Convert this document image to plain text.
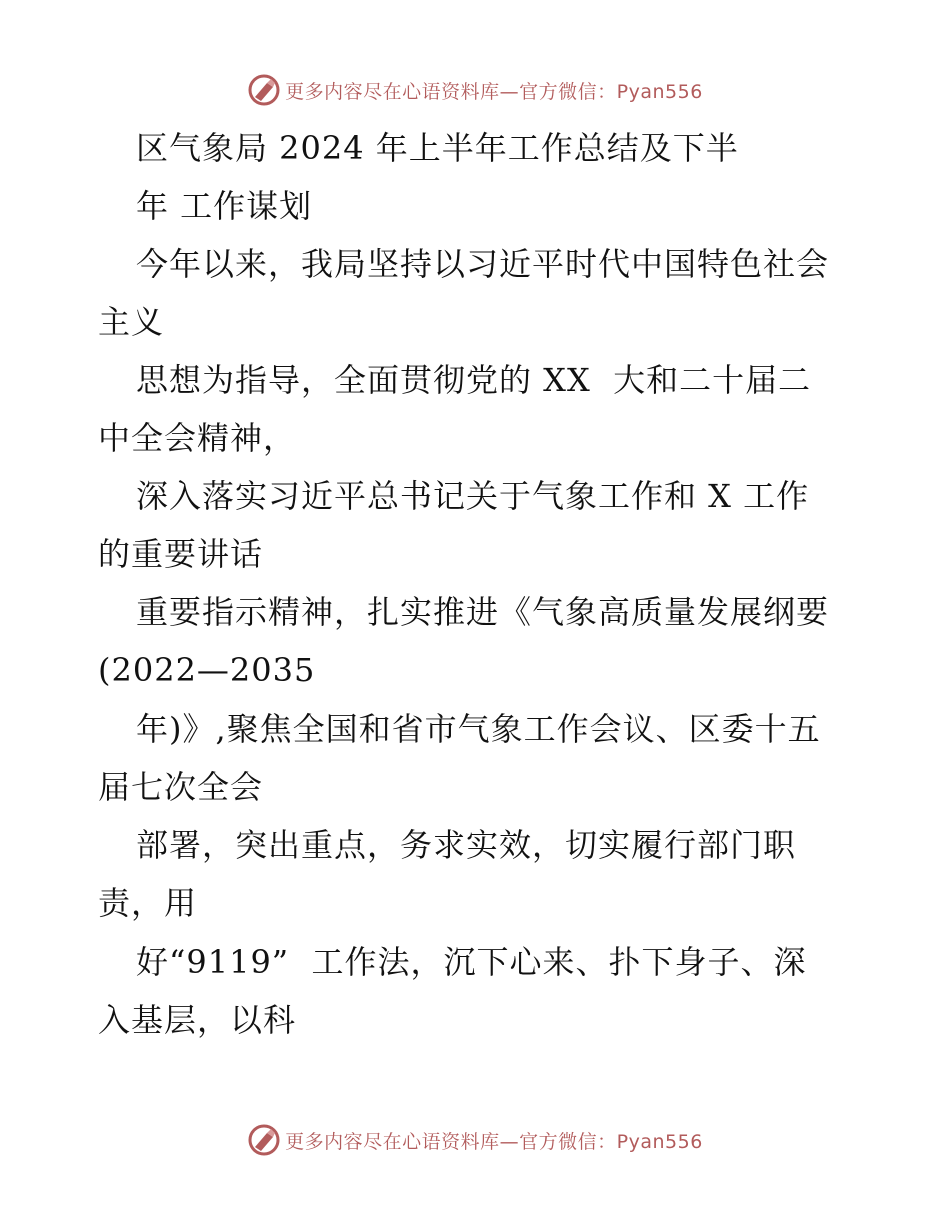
更多内容尽在心语资料库—官方微信：Pyan556
区气象局 2024 年上半年工作总结及下半
年 工作谋划
今年以来，我局坚持以习近平时代中国特色社会
主义
思想为指导，全面贯彻党的 XX  大和二十届二
中全会精神，
深入落实习近平总书记关于气象工作和 X 工作
的重要讲话
重要指示精神，扎实推进《气象高质量发展纲要
(2022—2035
年)》,聚焦全国和省市气象工作会议、区委十五
届七次全会
部署，突出重点，务求实效，切实履行部门职
责，用
好“9119”  工作法，沉下心来、扑下身子、深
入基层，以科
更多内容尽在心语资料库—官方微信：Pyan556
